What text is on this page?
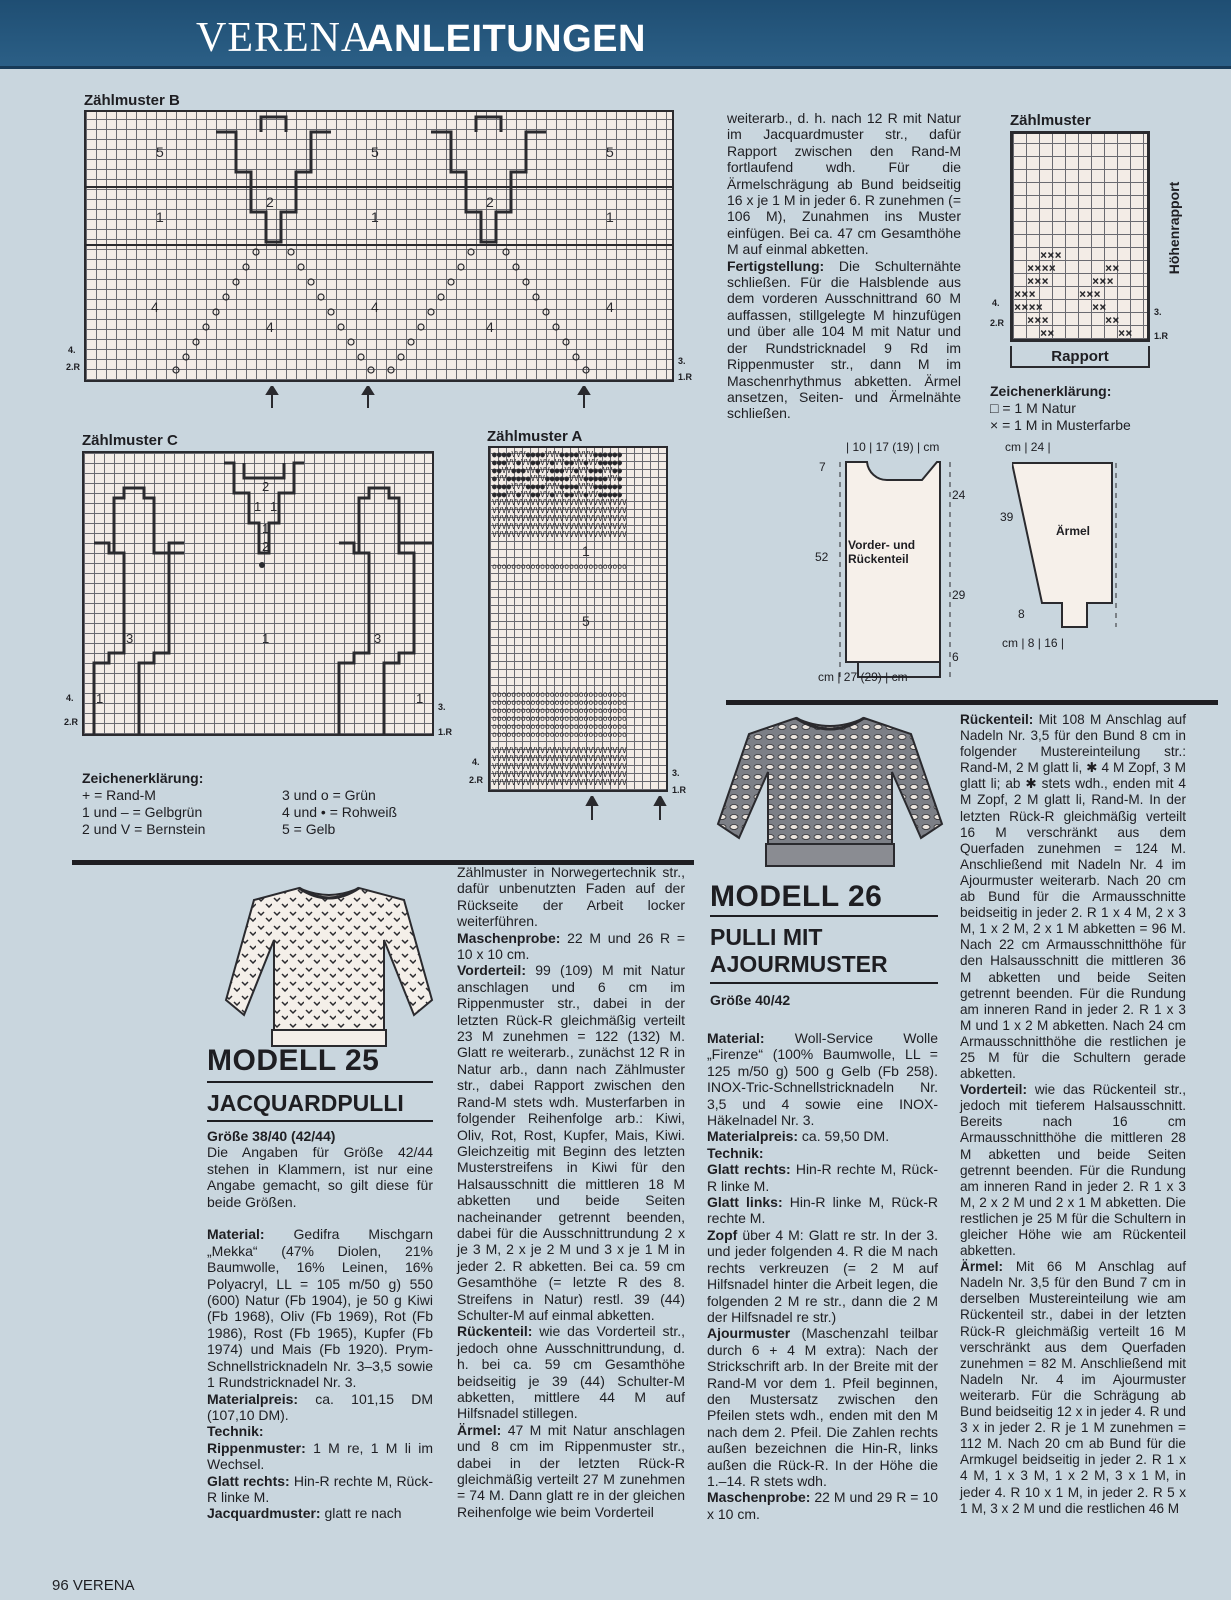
VERENA
ANLEITUNGEN
Zählmuster B
5	5	5
1
2
1
2
1
4
4
4
4
4
4.
2.R
3.
1.R
Zählmuster C
2
1 1
1
2
3	1	3
1	1
4.
2.R
3.
1.R
Zählmuster A
●●●●VVV●●●●VVV●●●●VVV●●●●●●
●●●VV●VV●●VV●VV●●VV●VV●●●●●
●●VV●●●VV●VV●●●VV●VV●●●VV●●
●VV●●●●●VVV●●●●●VVV●●●●●VV●
●●●●VVV●●●●VVV●●●●VVV●●●●●●
●●●VV●VV●●VV●VV●●VV●VV●●●●●
VVVVVVVVVVVVVVVVVVVVVVVVVVVV
VVVVVVVVVVVVVVVVVVVVVVVVVVVV
VVVVVVVVVVVVVVVVVVVVVVVVVVVV
VVVVVVVVVVVVVVVVVVVVVVVVVVVV
VVVVVVVVVVVVVVVVVVVVVVVVVVVV
oooooooooooooooooooooooooooo
oooooooooooooooooooooooooooo
oooooooooooooooooooooooooooo
oooooooooooooooooooooooooooo
oooooooooooooooooooooooooooo
oooooooooooooooooooooooooooo
oooooooooooooooooooooooooooo
VVVVVVVVVVVVVVVVVVVVVVVVVVVV
VVVVVVVVVVVVVVVVVVVVVVVVVVVV
VVVVVVVVVVVVVVVVVVVVVVVVVVVV
VVVVVVVVVVVVVVVVVVVVVVVVVVVV
VVVVVVVVVVVVVVVVVVVVVVVVVVVV
1
5
4.
2.R
3.
1.R
Zählmuster
×××
××××	××
×××	×××
×××	×××
××××	××
×××	××
××	××
Höhenrapport
4.
2.R
3.
1.R
Rapport
Zeichenerklärung:
□ = 1 M Natur
× = 1 M in Musterfarbe

weiterarb., d. h. nach 12 R mit Natur im Jacquardmuster str., dafür Rapport zwischen den Rand-M fortlaufend wdh. Für die Ärmelschrägung ab Bund beidseitig 16 x je 1 M in jeder 6. R zunehmen (= 106 M), Zunahmen ins Muster einfügen. Bei ca. 47 cm Gesamthöhe M auf einmal abketten.
Fertigstellung: Die Schulternähte schließen. Für die Halsblende aus dem vorderen Ausschnittrand 60 M auffassen, stillgelegte M hinzufügen und über alle 104 M mit Natur und der Rundstricknadel 9 Rd im Rippenmuster str., dann M im Maschenrhythmus abketten. Ärmel ansetzen, Seiten- und Ärmelnähte schließen.

| 10 | 17 (19) | cm
Vorder- und Rückenteil
7
52
24
29
6
cm | 27 (29) | cm
cm | 24 |
Ärmel
39
8
cm | 8 | 16 |
Zeichenerklärung:
+ = Rand-M
1 und – = Gelbgrün
2 und V = Bernstein
3 und o = Grün
4 und • = Rohweiß
5 = Gelb
MODELL 25
JACQUARDPULLI

Größe 38/40 (42/44)

Die Angaben für Größe 42/44 stehen in Klammern, ist nur eine Angabe gemacht, so gilt diese für beide Größen.

Material: Gedifra Mischgarn „Mekka“ (47% Diolen, 21% Baumwolle, 16% Leinen, 16% Polyacryl, LL = 105 m/50 g) 550 (600) Natur (Fb 1904), je 50 g Kiwi (Fb 1968), Oliv (Fb 1969), Rot (Fb 1986), Rost (Fb 1965), Kupfer (Fb 1974) und Mais (Fb 1920). Prym-Schnellstricknadeln Nr. 3–3,5 sowie 1 Rundstricknadel Nr. 3.

Materialpreis: ca. 101,15 DM (107,10 DM).

Technik:

Rippenmuster: 1 M re, 1 M li im Wechsel.

Glatt rechts: Hin-R rechte M, Rück-R linke M.

Jacquardmuster: glatt re nach

Zählmuster in Norwegertechnik str., dafür unbenutzten Faden auf der Rückseite der Arbeit locker weiterführen.

Maschenprobe: 22 M und 26 R = 10 x 10 cm.

Vorderteil: 99 (109) M mit Natur anschlagen und 6 cm im Rippenmuster str., dabei in der letzten Rück-R gleichmäßig verteilt 23 M zunehmen = 122 (132) M. Glatt re weiterarb., zunächst 12 R in Natur arb., dann nach Zählmuster str., dabei Rapport zwischen den Rand-M stets wdh. Musterfarben in folgender Reihenfolge arb.: Kiwi, Oliv, Rot, Rost, Kupfer, Mais, Kiwi. Gleichzeitig mit Beginn des letzten Musterstreifens in Kiwi für den Halsausschnitt die mittleren 18 M abketten und beide Seiten nacheinander getrennt beenden, dabei für die Ausschnittrundung 2 x je 3 M, 2 x je 2 M und 3 x je 1 M in jeder 2. R abketten. Bei ca. 59 cm Gesamthöhe (= letzte R des 8. Streifens in Natur) restl. 39 (44) Schulter-M auf einmal abketten.

Rückenteil: wie das Vorderteil str., jedoch ohne Ausschnittrundung, d. h. bei ca. 59 cm Gesamthöhe beidseitig je 39 (44) Schulter-M abketten, mittlere 44 M auf Hilfsnadel stillegen.

Ärmel: 47 M mit Natur anschlagen und 8 cm im Rippenmuster str., dabei in der letzten Rück-R gleichmäßig verteilt 27 M zunehmen = 74 M. Dann glatt re in der gleichen Reihenfolge wie beim Vorderteil

MODELL 26
PULLI MIT
AJOURMUSTER
Größe 40/42

Material: Woll-Service Wolle „Firenze“ (100% Baumwolle, LL = 125 m/50 g) 500 g Gelb (Fb 258). INOX-Tric-Schnellstricknadeln Nr. 3,5 und 4 sowie eine INOX-Häkelnadel Nr. 3.

Materialpreis: ca. 59,50 DM.

Technik:

Glatt rechts: Hin-R rechte M, Rück-R linke M.

Glatt links: Hin-R linke M, Rück-R rechte M.

Zopf über 4 M: Glatt re str. In der 3. und jeder folgenden 4. R die M nach rechts verkreuzen (= 2 M auf Hilfsnadel hinter die Arbeit legen, die folgenden 2 M re str., dann die 2 M der Hilfsnadel re str.)

Ajourmuster (Maschenzahl teilbar durch 6 + 4 M extra): Nach der Strickschrift arb. In der Breite mit der Rand-M vor dem 1. Pfeil beginnen, den Mustersatz zwischen den Pfeilen stets wdh., enden mit den M nach dem 2. Pfeil. Die Zahlen rechts außen bezeichnen die Hin-R, links außen die Rück-R. In der Höhe die 1.–14. R stets wdh.

Maschenprobe: 22 M und 29 R = 10 x 10 cm.

Rückenteil: Mit 108 M Anschlag auf Nadeln Nr. 3,5 für den Bund 8 cm in folgender Mustereinteilung str.: Rand-M, 2 M glatt li, ✱ 4 M Zopf, 3 M glatt li; ab ✱ stets wdh., enden mit 4 M Zopf, 2 M glatt li, Rand-M. In der letzten Rück-R gleichmäßig verteilt 16 M verschränkt aus dem Querfaden zunehmen = 124 M. Anschließend mit Nadeln Nr. 4 im Ajourmuster weiterarb. Nach 20 cm ab Bund für die Armausschnitte beidseitig in jeder 2. R 1 x 4 M, 2 x 3 M, 1 x 2 M, 2 x 1 M abketten = 96 M. Nach 22 cm Armausschnitthöhe für den Halsausschnitt die mittleren 36 M abketten und beide Seiten getrennt beenden. Für die Rundung am inneren Rand in jeder 2. R 1 x 3 M und 1 x 2 M abketten. Nach 24 cm Armausschnitthöhe die restlichen je 25 M für die Schultern gerade abketten.

Vorderteil: wie das Rückenteil str., jedoch mit tieferem Halsausschnitt. Bereits nach 16 cm Armausschnitthöhe die mittleren 28 M abketten und beide Seiten getrennt beenden. Für die Rundung am inneren Rand in jeder 2. R 1 x 3 M, 2 x 2 M und 2 x 1 M abketten. Die restlichen je 25 M für die Schultern in gleicher Höhe wie am Rückenteil abketten.

Ärmel: Mit 66 M Anschlag auf Nadeln Nr. 3,5 für den Bund 7 cm in derselben Mustereinteilung wie am Rückenteil str., dabei in der letzten Rück-R gleichmäßig verteilt 16 M verschränkt aus dem Querfaden zunehmen = 82 M. Anschließend mit Nadeln Nr. 4 im Ajourmuster weiterarb. Für die Schrägung ab Bund beidseitig 12 x in jeder 4. R und 3 x in jeder 2. R je 1 M zunehmen = 112 M. Nach 20 cm ab Bund für die Armkugel beidseitig in jeder 2. R 1 x 4 M, 1 x 3 M, 1 x 2 M, 3 x 1 M, in jeder 4. R 10 x 1 M, in jeder 2. R 5 x 1 M, 3 x 2 M und die restlichen 46 M

96 VERENA
